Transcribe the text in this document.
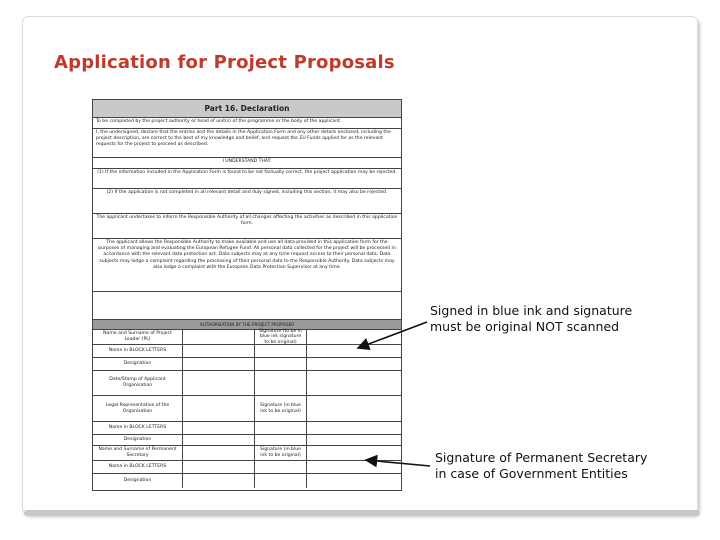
Application for Project Proposals
Part 16. Declaration
To be completed by the project authority or head of unit(s) of the programme or the body of the applicant.
I, the undersigned, declare that the entries and the details in the Application Form and any other details enclosed, including the project description, are correct to the best of my knowledge and belief, and request the EU Funds applied for as the relevant requests for the project to proceed as described.
I UNDERSTAND THAT:
(1) If the information included in the Application Form is found to be not factually correct, the project application may be rejected.
(2) If the application is not completed in all relevant detail and duly signed, including this section, it may also be rejected.
The applicant undertakes to inform the Responsible Authority of all changes affecting the activities as described in this application form.
The applicant allows the Responsible Authority to make available and use all data provided in this application form for the purposes of managing and evaluating the European Refugee Fund. All personal data collected for the project will be processed in accordance with the relevant data protection act. Data subjects may at any time request access to their personal data. Data subjects may lodge a complaint regarding the processing of their personal data to the Responsible Authority. Data subjects may also lodge a complaint with the European Data Protection Supervisor at any time.
AUTHORISATION BY THE PROJECT PROPOSER
Name and Surname of Project Leader (PL)
Signature (to be in blue ink signature to be original)
Name in BLOCK LETTERS
Designation
Date/Stamp of Applicant Organisation
Legal Representative of the Organisation
Signature (in blue ink to be original)
Name in BLOCK LETTERS
Designation
Name and Surname of Permanent Secretary
Signature (in blue ink to be original)
Name in BLOCK LETTERS
Designation
Signed in blue ink and signature
must be original NOT scanned
Signature of Permanent Secretary
in case of Government Entities
